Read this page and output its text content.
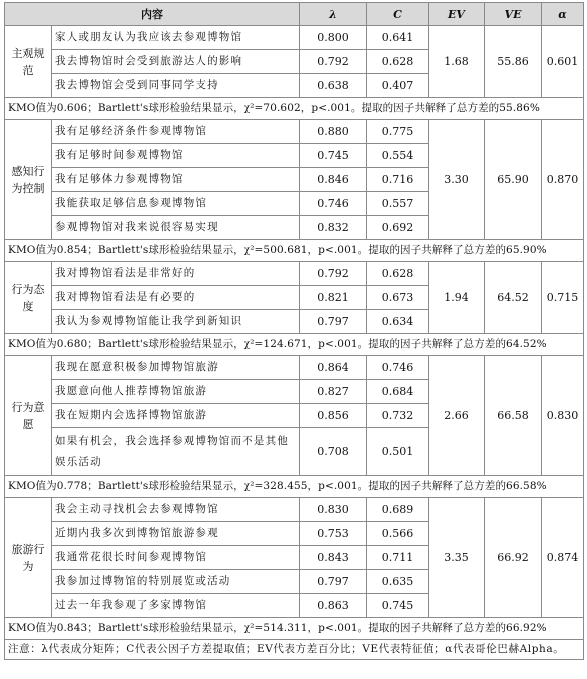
内容		λ	C	EV	VE	α
主观规范	家人或朋友认为我应该去参观博物馆	0.800	0.641	1.68	55.86	0.601
	我去博物馆时会受到旅游达人的影响	0.792	0.628			
	我去博物馆会受到同事同学支持	0.638	0.407			
KMO值为0.606；Bartlett's球形检验结果显示，χ²=70.602，p<.001。提取的因子共解释了总方差的55.86%						
感知行为控制	我有足够经济条件参观博物馆	0.880	0.775	3.30	65.90	0.870
	我有足够时间参观博物馆	0.745	0.554			
	我有足够体力参观博物馆	0.846	0.716			
	我能获取足够信息参观博物馆	0.746	0.557			
	参观博物馆对我来说很容易实现	0.832	0.692			
KMO值为0.854；Bartlett's球形检验结果显示，χ²=500.681，p<.001。提取的因子共解释了总方差的65.90%						
行为态度	我对博物馆看法是非常好的	0.792	0.628	1.94	64.52	0.715
	我对博物馆看法是有必要的	0.821	0.673			
	我认为参观博物馆能让我学到新知识	0.797	0.634			
KMO值为0.680；Bartlett's球形检验结果显示，χ²=124.671，p<.001。提取的因子共解释了总方差的64.52%						
行为意愿	我现在愿意积极参加博物馆旅游	0.864	0.746	2.66	66.58	0.830
	我愿意向他人推荐博物馆旅游	0.827	0.684			
	我在短期内会选择博物馆旅游	0.856	0.732			
	如果有机会，我会选择参观博物馆而不是其他娱乐活动	0.708	0.501			
KMO值为0.778；Bartlett's球形检验结果显示，χ²=328.455，p<.001。提取的因子共解释了总方差的66.58%						
旅游行为	我会主动寻找机会去参观博物馆	0.830	0.689	3.35	66.92	0.874
	近期内我多次到博物馆旅游参观	0.753	0.566			
	我通常花很长时间参观博物馆	0.843	0.711			
	我参加过博物馆的特别展览或活动	0.797	0.635			
	过去一年我参观了多家博物馆	0.863	0.745			
KMO值为0.843；Bartlett's球形检验结果显示，χ²=514.311，p<.001。提取的因子共解释了总方差的66.92%						
注意：λ代表成分矩阵；C代表公因子方差提取值；EV代表方差百分比；VE代表特征值；α代表哥伦巴赫Alpha。						
